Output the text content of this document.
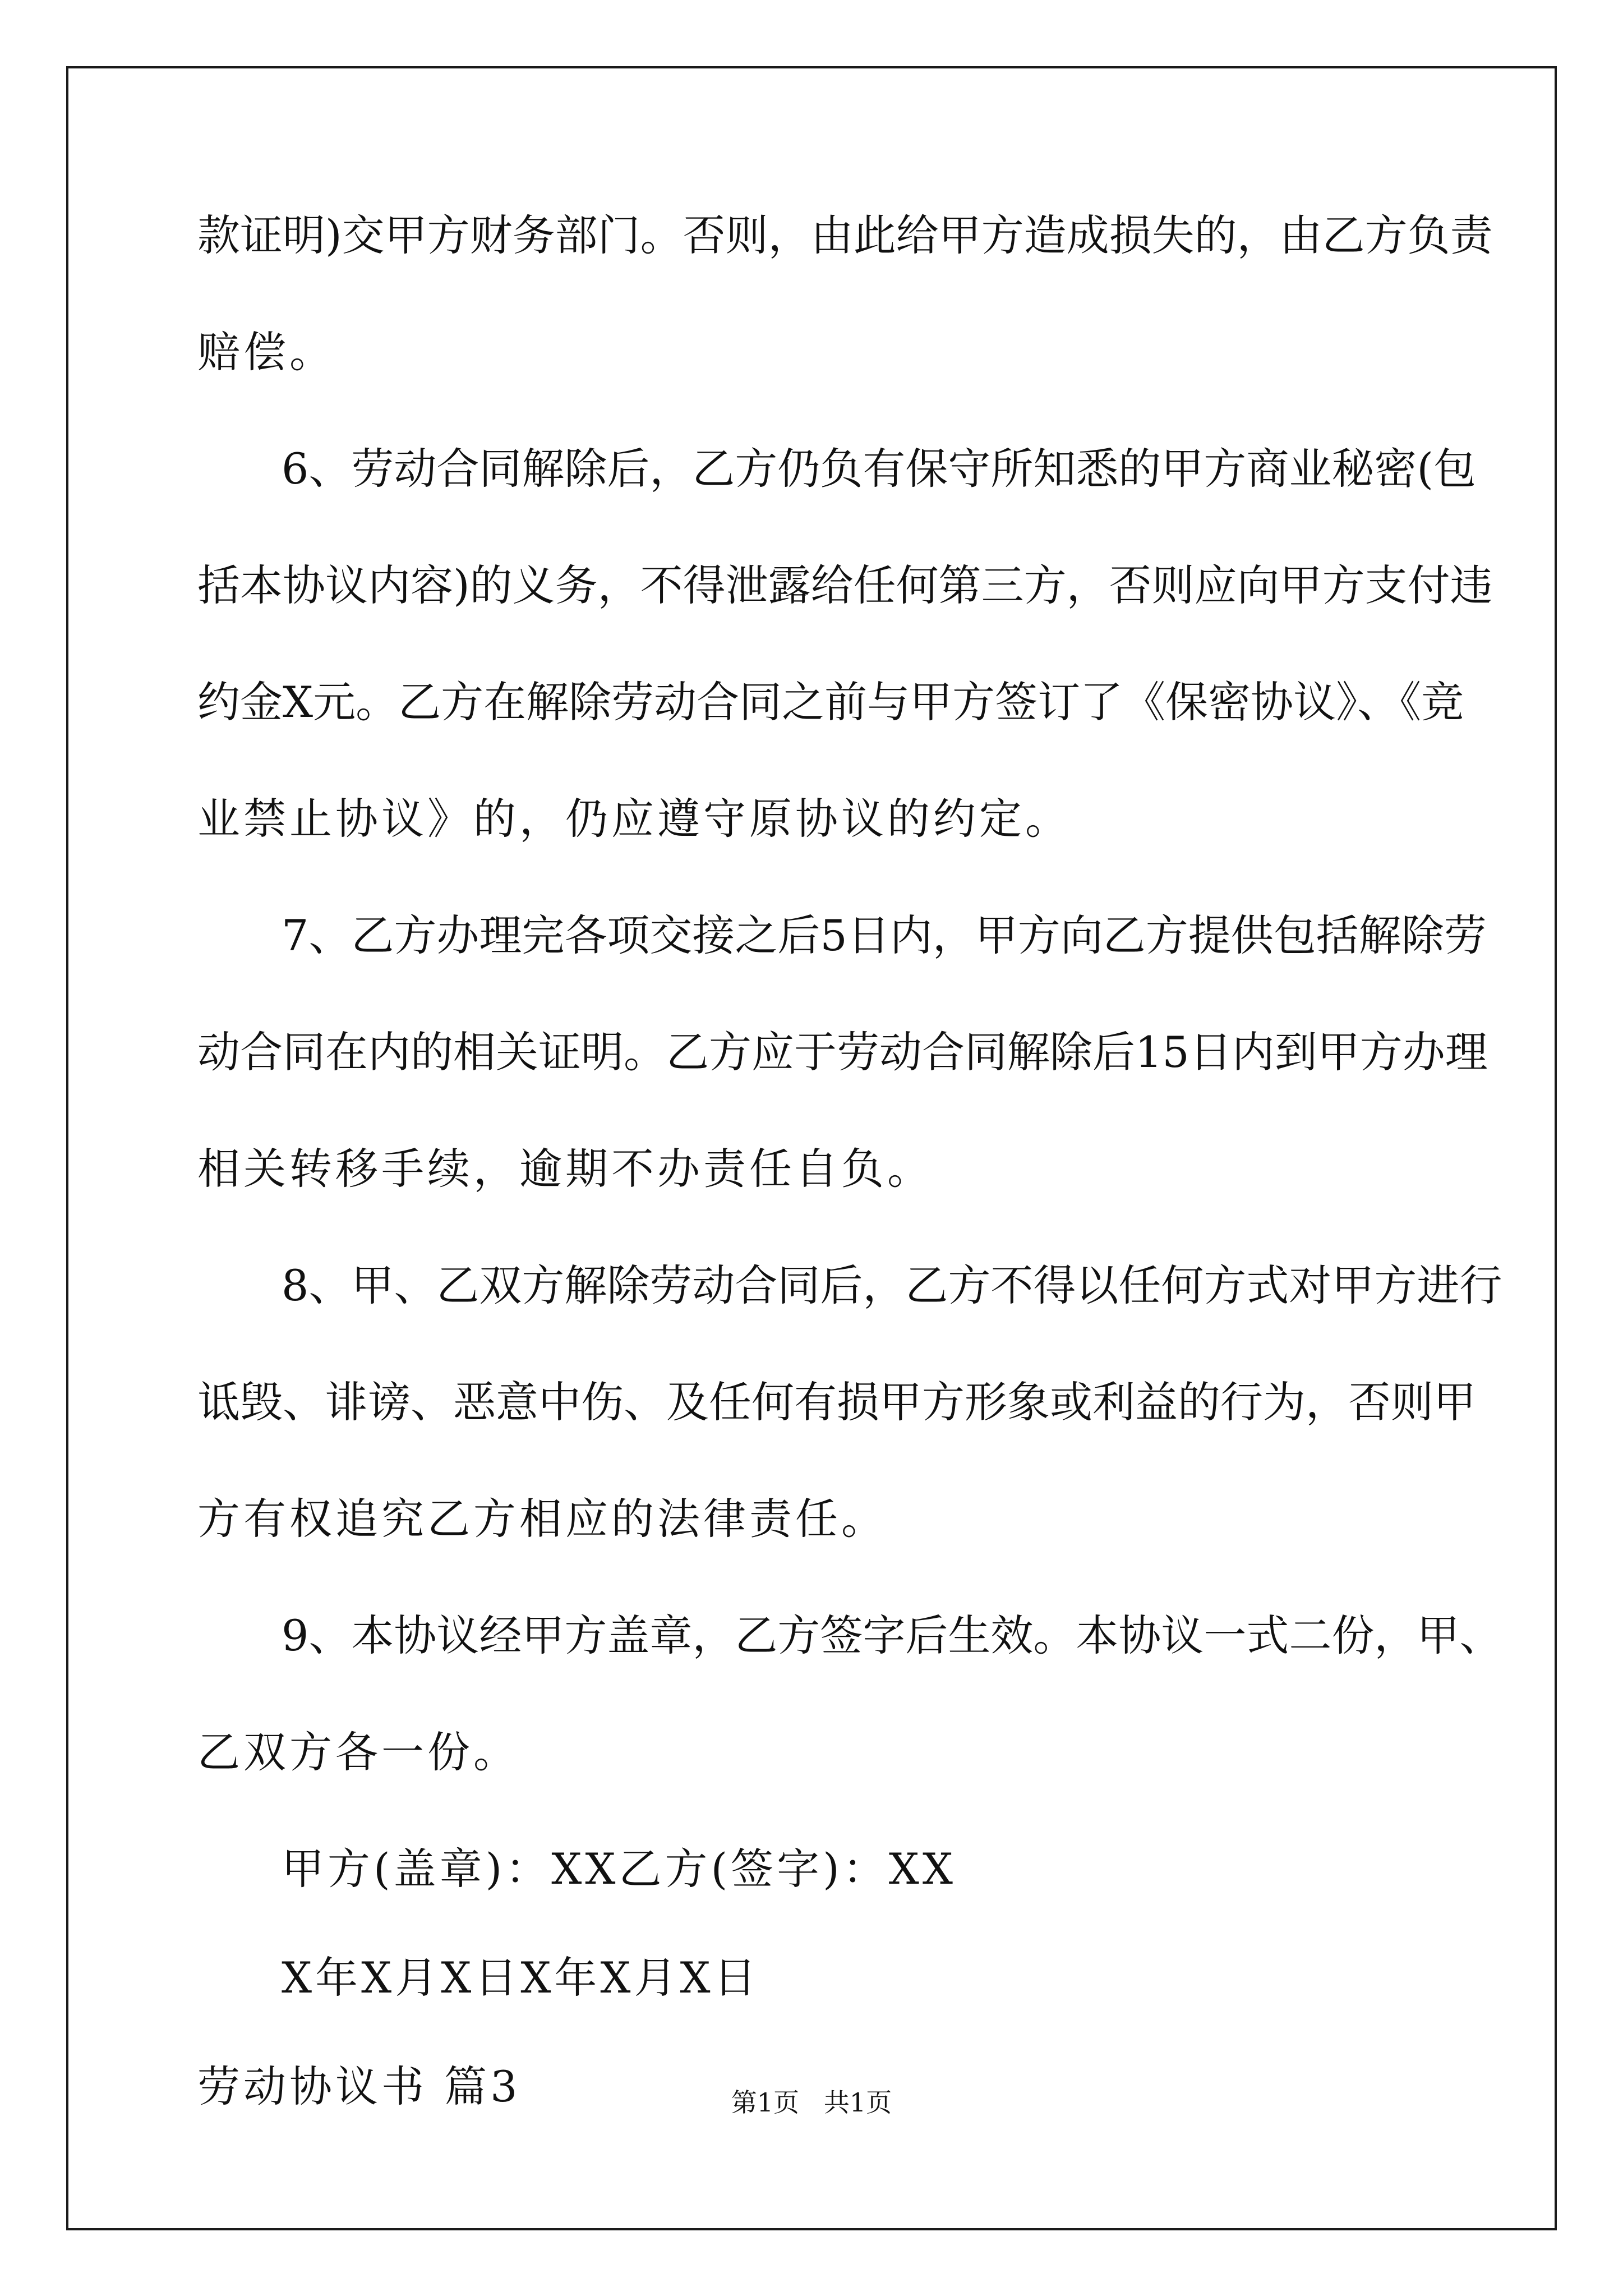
款证明)交甲方财务部门。否则，由此给甲方造成损失的，由乙方负责
赔偿。
6、劳动合同解除后，乙方仍负有保守所知悉的甲方商业秘密(包
括本协议内容)的义务，不得泄露给任何第三方，否则应向甲方支付违
约金X元。乙方在解除劳动合同之前与甲方签订了《保密协议》、《竞
业禁止协议》的，仍应遵守原协议的约定。
7、乙方办理完各项交接之后5日内，甲方向乙方提供包括解除劳
动合同在内的相关证明。乙方应于劳动合同解除后15日内到甲方办理
相关转移手续，逾期不办责任自负。
8、甲、乙双方解除劳动合同后，乙方不得以任何方式对甲方进行
诋毁、诽谤、恶意中伤、及任何有损甲方形象或利益的行为，否则甲
方有权追究乙方相应的法律责任。
9、本协议经甲方盖章，乙方签字后生效。本协议一式二份，甲、
乙双方各一份。
甲方(盖章)：XX乙方(签字)：XX
X年X月X日X年X月X日
劳动协议书 篇3	第1页   共1页
